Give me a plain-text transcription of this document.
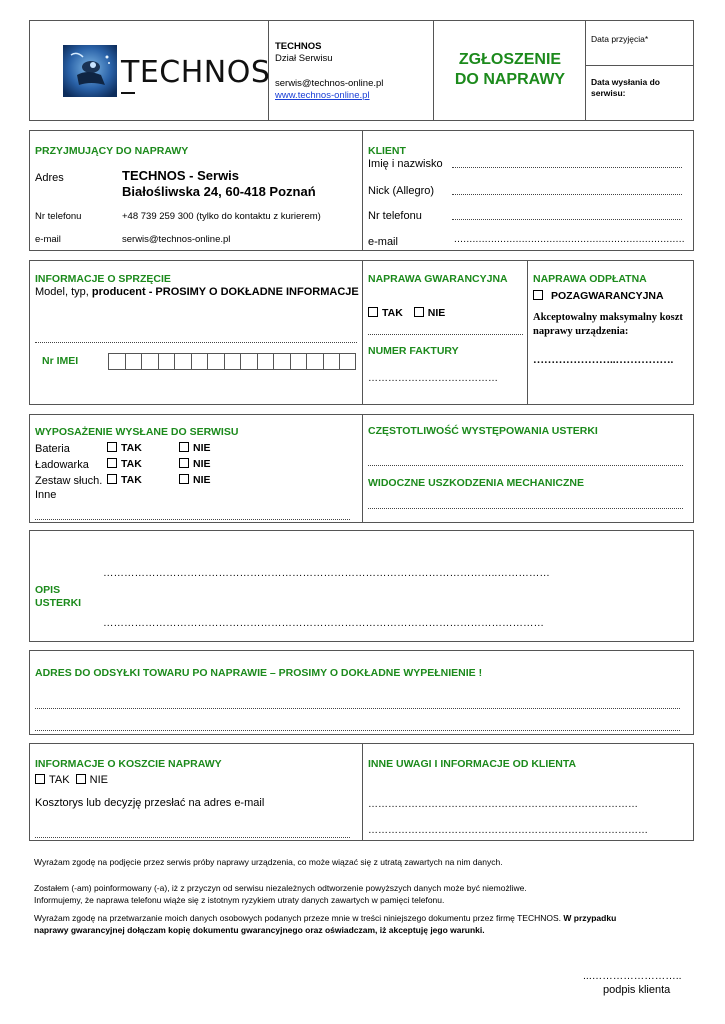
TECHNOS
TECHNOS
Dział Serwisu
serwis@technos-online.pl
www.technos-online.pl
ZGŁOSZENIE
DO NAPRAWY
Data przyjęcia*
Data wysłania do
serwisu:
PRZYJMUJĄCY DO NAPRAWY
Adres	TECHNOS - Serwis
Białośliwska 24, 60-418 Poznań
Nr telefonu	+48 739 259 300 (tylko do kontaktu z kurierem)
e-mail	serwis@technos-online.pl
KLIENT
Imię i nazwisko
Nick (Allegro)
Nr telefonu
e-mail	...........................................................................
INFORMACJE O SPRZĘCIE
Model, typ, producent - PROSIMY O DOKŁADNE INFORMACJE
Nr IMEI
NAPRAWA GWARANCYJNA
TAK NIE
NUMER FAKTURY
…………………………………
NAPRAWA ODPŁATNA
POZAGWARANCYJNA
Akceptowalny maksymalny koszt
naprawy urządzenia:
…………………..…………….
WYPOSAŻENIE WYSŁANE DO SERWISU
Bateria	TAK	NIE
Ładowarka	TAK	NIE
Zestaw słuch.	TAK	NIE
Inne
CZĘSTOTLIWOŚĆ WYSTĘPOWANIA USTERKI
WIDOCZNE USZKODZENIA MECHANICZNE
OPIS
USTERKI
…………………………………………………………………………………………………..……………
………………………………………………………………………………………………………………
ADRES DO ODSYŁKI TOWARU PO NAPRAWIE – PROSIMY O DOKŁADNE WYPEŁNIENIE !
INFORMACJE O KOSZCIE NAPRAWY
TAK NIE
Kosztorys lub decyzję przesłać na adres e-mail
INNE UWAGI I INFORMACJE OD KLIENTA
………………………………………………………………………
…………………………………………………………………………
Wyrażam zgodę na podjęcie przez serwis próby naprawy urządzenia, co może wiązać się z utratą zawartych na nim danych.
Zostałem (-am) poinformowany (-a), iż z przyczyn od serwisu niezależnych odtworzenie powyższych danych może być niemożliwe.
Informujemy, że naprawa telefonu wiąże się z istotnym ryzykiem utraty danych zawartych w pamięci telefonu.
Wyrażam zgodę na przetwarzanie moich danych osobowych podanych przeze mnie w treści niniejszego dokumentu przez firmę TECHNOS. W przypadku
naprawy gwarancyjnej dołączam kopię dokumentu gwarancyjnego oraz oświadczam, iż akceptuję jego warunki.
...……………………..
podpis klienta
